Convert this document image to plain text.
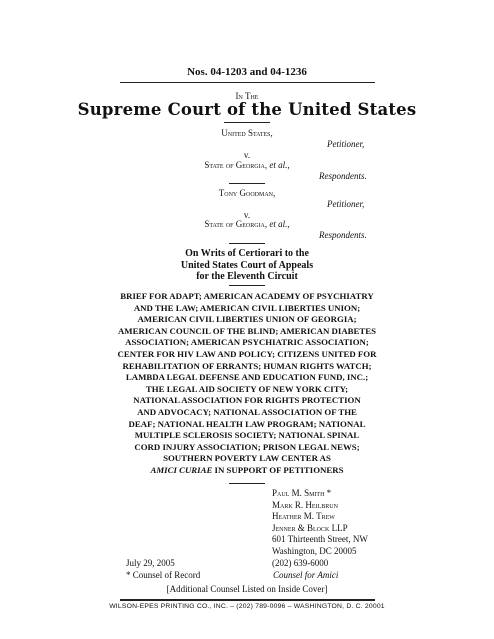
Nos. 04-1203 and 04-1236
In The
Supreme Court of the United States
United States,
Petitioner,
v.
State of Georgia, et al.,
Respondents.
Tony Goodman,
Petitioner,
v.
State of Georgia, et al.,
Respondents.
On Writs of Certiorari to the
United States Court of Appeals
for the Eleventh Circuit
BRIEF FOR ADAPT; AMERICAN ACADEMY OF PSYCHIATRY
AND THE LAW; AMERICAN CIVIL LIBERTIES UNION;
AMERICAN CIVIL LIBERTIES UNION OF GEORGIA;
AMERICAN COUNCIL OF THE BLIND; AMERICAN DIABETES
ASSOCIATION; AMERICAN PSYCHIATRIC ASSOCIATION;
CENTER FOR HIV LAW AND POLICY; CITIZENS UNITED FOR
REHABILITATION OF ERRANTS; HUMAN RIGHTS WATCH;
LAMBDA LEGAL DEFENSE AND EDUCATION FUND, INC.;
THE LEGAL AID SOCIETY OF NEW YORK CITY;
NATIONAL ASSOCIATION FOR RIGHTS PROTECTION
AND ADVOCACY; NATIONAL ASSOCIATION OF THE
DEAF; NATIONAL HEALTH LAW PROGRAM; NATIONAL
MULTIPLE SCLEROSIS SOCIETY; NATIONAL SPINAL
CORD INJURY ASSOCIATION; PRISON LEGAL NEWS;
SOUTHERN POVERTY LAW CENTER AS
AMICI CURIAE IN SUPPORT OF PETITIONERS
Paul M. Smith *
Mark R. Heilbrun
Heather M. Trew
Jenner & Block LLP
601 Thirteenth Street, NW
Washington, DC 20005
(202) 639-6000
July 29, 2005
* Counsel of Record	Counsel for Amici
[Additional Counsel Listed on Inside Cover]
WILSON-EPES PRINTING CO., INC. – (202) 789-0096 – WASHINGTON, D. C. 20001
